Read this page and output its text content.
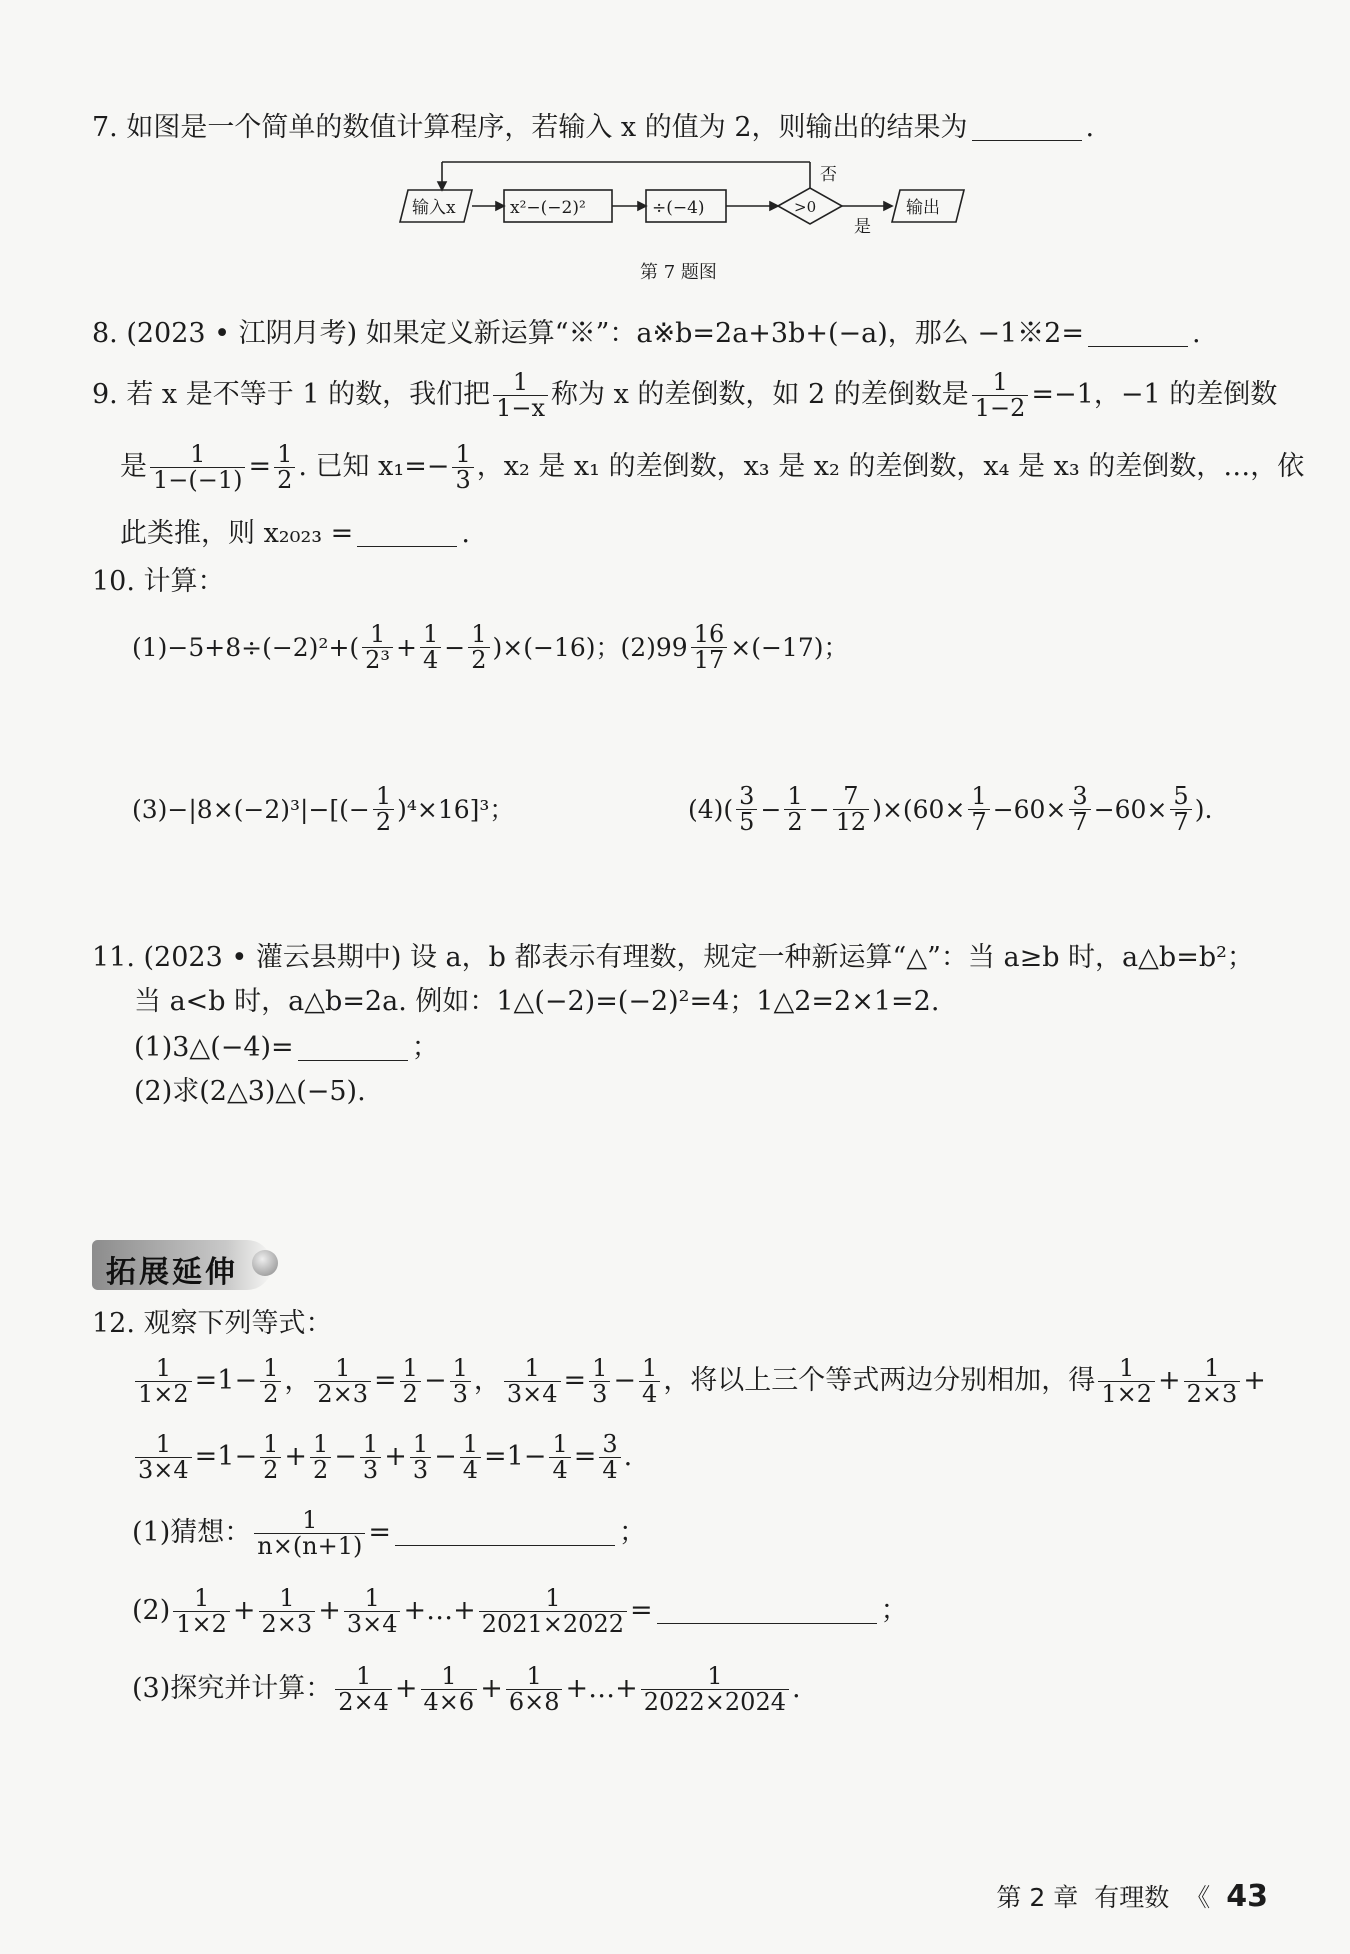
7. 如图是一个简单的数值计算程序，若输入 x 的值为 2，则输出的结果为	.
输入x	x²−(−2)²	÷(−4)	>0	输出
否
是
第 7 题图
8. (2023 • 江阴月考) 如果定义新运算“※”：a※b=2a+3b+(−a)，那么 −1※2=	.
9. 若 x 是不等于 1 的数，我们把 $\frac{1}{1-x}$ 称为 x 的差倒数，如 2 的差倒数是 $\frac{1}{1-2} =-1$，−1 的差倒数
是 $\frac{1}{1-(-1)} = \frac{1}{2}$ . 已知 $x_1=- \frac{1}{3}$ ，x₂ 是 x₁ 的差倒数，x₃ 是 x₂ 的差倒数，x₄ 是 x₃ 的差倒数，…，依
此类推，则 x₂₀₂₃ =	.
10. 计算：
$(1)-5+8\div(-2)^2+( \frac{1}{\text{2³}} + \frac{1}{4} - \frac{1}{2} )\times(-16)$；$(2)99 \frac{16}{17} \times(-17)$；
$(3)-|8\times(-2)^3|-[(- \frac{1}{2} )^4\times 16]^3$；	$(4)( \frac{3}{5} - \frac{1}{2} - \frac{7}{12} )\times(60\times \frac{1}{7} -60\times \frac{3}{7} -60\times \frac{5}{7}$ ).
11. (2023 • 灌云县期中) 设 a，b 都表示有理数，规定一种新运算“△”：当 a≥b 时，a△b=b²；
当 a<b 时，a△b=2a. 例如：1△(−2)=(−2)²=4；1△2=2×1=2.
(1)3△(−4)=	；
(2)求(2△3)△(−5).
拓展延伸
12. 观察下列等式：
$\frac{1}{1\times 2} =1- \frac{1}{2}$ ， $\frac{1}{2\times 3} = \frac{1}{2} - \frac{1}{3}$ ， $\frac{1}{3\times 4} = \frac{1}{3} - \frac{1}{4}$ ，将以上三个等式两边分别相加，得 $\frac{1}{1\times 2} + \frac{1}{2\times 3}$ +
$\frac{1}{3\times 4} =1- \frac{1}{2} + \frac{1}{2} - \frac{1}{3} + \frac{1}{3} - \frac{1}{4} =1- \frac{1}{4} = \frac{3}{4}$ .
(1)猜想： $\frac{1}{n\times(n+1)}$ =	；
$(2) \frac{1}{1\times 2} + \frac{1}{2\times 3} + \frac{1}{3\times 4}$ +…+ $\frac{1}{2021\times 2022}$ =	；
(3)探究并计算： $\frac{1}{2\times 4} + \frac{1}{4\times 6} + \frac{1}{6\times 8}$ +…+ $\frac{1}{2022\times 2024}$ .
第 2 章 有理数 《 43
